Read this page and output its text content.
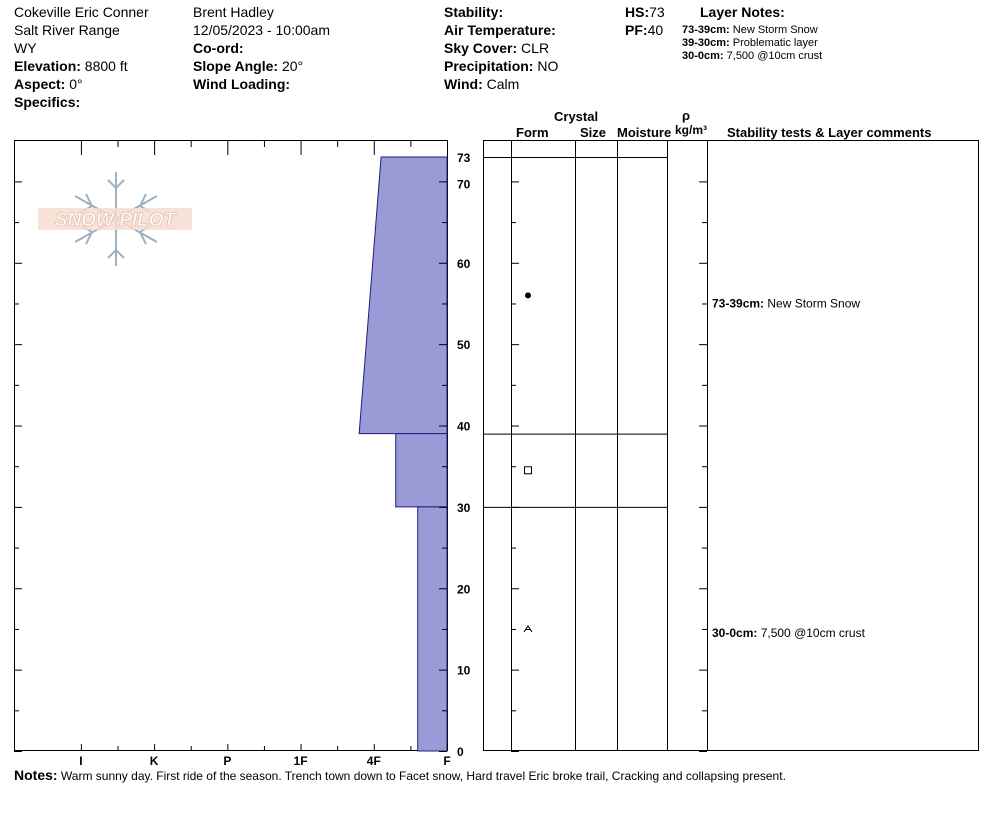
Cokeville Eric Conner
Salt River Range
WY
Elevation: 8800 ft
Aspect: 0°
Specifics:
Brent Hadley
12/05/2023 - 10:00am
Co-ord:
Slope Angle: 20°
Wind Loading:
Stability:
Air Temperature:
Sky Cover: CLR
Precipitation: NO
Wind: Calm
HS:73
PF:40
Layer Notes:
73-39cm: New Storm Snow
39-30cm: Problematic layer
30-0cm: 7,500 @10cm crust
Crystal
Form Size Moisture
ρ
kg/m³ Stability tests & Layer comments
SNOW PILOT
I	K	P	1F	4F	F
0
10
20
30
40
50
60
70
73
73-39cm: New Storm Snow
30-0cm: 7,500 @10cm crust
Notes: Warm sunny day. First ride of the season. Trench town down to Facet snow, Hard travel Eric broke trail, Cracking and collapsing present.
